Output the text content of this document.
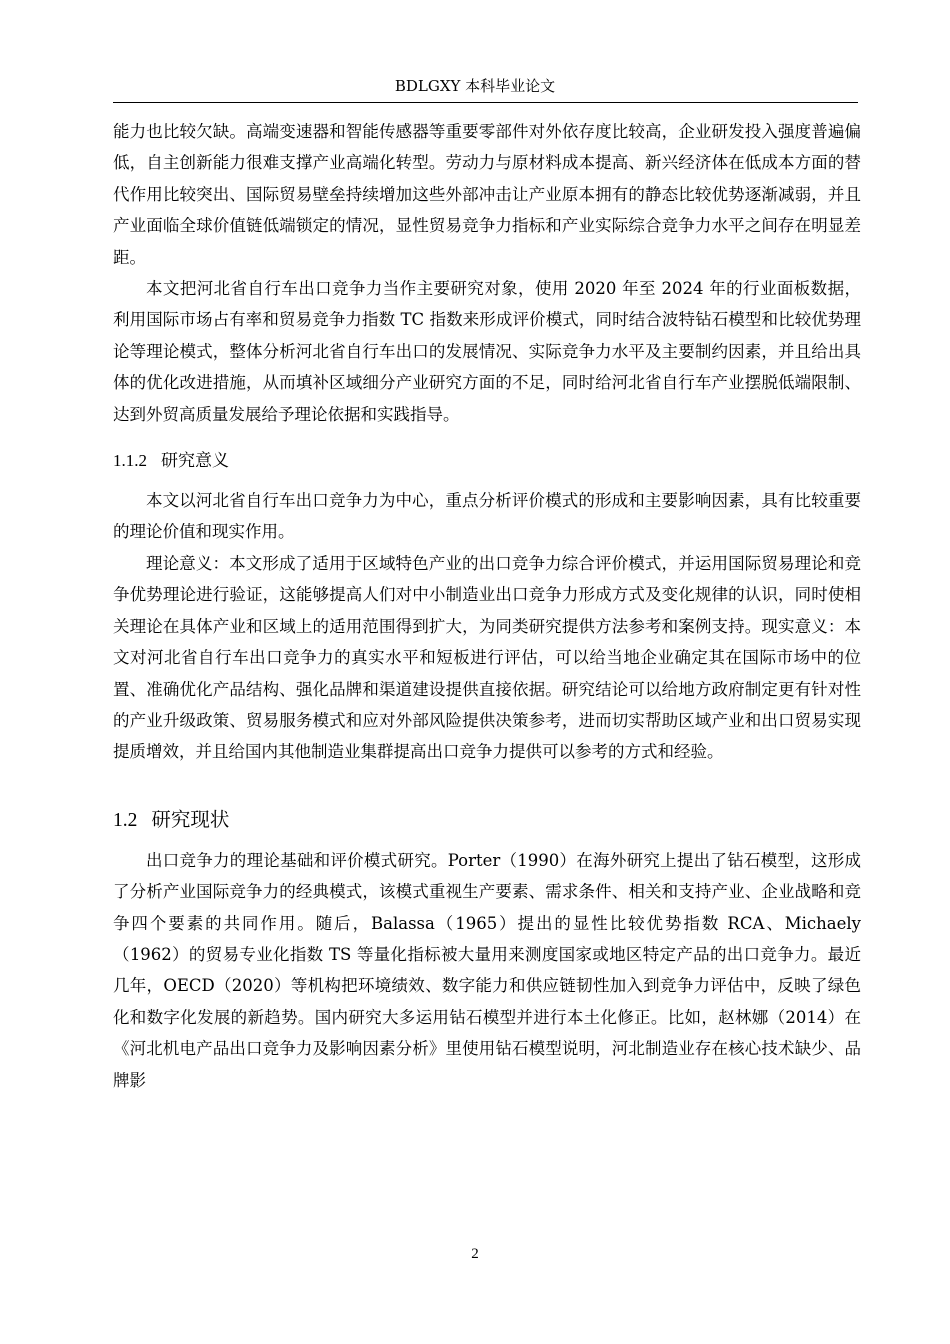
BDLGXY 本科毕业论文

能力也比较欠缺。高端变速器和智能传感器等重要零部件对外依存度比较高，企业研发投入强度普遍偏低，自主创新能力很难支撑产业高端化转型。劳动力与原材料成本提高、新兴经济体在低成本方面的替代作用比较突出、国际贸易壁垒持续增加这些外部冲击让产业原本拥有的静态比较优势逐渐减弱，并且产业面临全球价值链低端锁定的情况，显性贸易竞争力指标和产业实际综合竞争力水平之间存在明显差距。

本文把河北省自行车出口竞争力当作主要研究对象，使用 2020 年至 2024 年的行业面板数据，利用国际市场占有率和贸易竞争力指数 TC 指数来形成评价模式，同时结合波特钻石模型和比较优势理论等理论模式，整体分析河北省自行车出口的发展情况、实际竞争力水平及主要制约因素，并且给出具体的优化改进措施，从而填补区域细分产业研究方面的不足，同时给河北省自行车产业摆脱低端限制、达到外贸高质量发展给予理论依据和实践指导。

1.1.2 研究意义

本文以河北省自行车出口竞争力为中心，重点分析评价模式的形成和主要影响因素，具有比较重要的理论价值和现实作用。

理论意义：本文形成了适用于区域特色产业的出口竞争力综合评价模式，并运用国际贸易理论和竞争优势理论进行验证，这能够提高人们对中小制造业出口竞争力形成方式及变化规律的认识，同时使相关理论在具体产业和区域上的适用范围得到扩大，为同类研究提供方法参考和案例支持。现实意义：本文对河北省自行车出口竞争力的真实水平和短板进行评估，可以给当地企业确定其在国际市场中的位置、准确优化产品结构、强化品牌和渠道建设提供直接依据。研究结论可以给地方政府制定更有针对性的产业升级政策、贸易服务模式和应对外部风险提供决策参考，进而切实帮助区域产业和出口贸易实现提质增效，并且给国内其他制造业集群提高出口竞争力提供可以参考的方式和经验。

1.2 研究现状

出口竞争力的理论基础和评价模式研究。Porter（1990）在海外研究上提出了钻石模型，这形成了分析产业国际竞争力的经典模式，该模式重视生产要素、需求条件、相关和支持产业、企业战略和竞争四个要素的共同作用。随后，Balassa（1965）提出的显性比较优势指数 RCA、Michaely（1962）的贸易专业化指数 TS 等量化指标被大量用来测度国家或地区特定产品的出口竞争力。最近几年，OECD（2020）等机构把环境绩效、数字能力和供应链韧性加入到竞争力评估中，反映了绿色化和数字化发展的新趋势。国内研究大多运用钻石模型并进行本土化修正。比如，赵林娜（2014）在《河北机电产品出口竞争力及影响因素分析》里使用钻石模型说明，河北制造业存在核心技术缺少、品牌影

2
